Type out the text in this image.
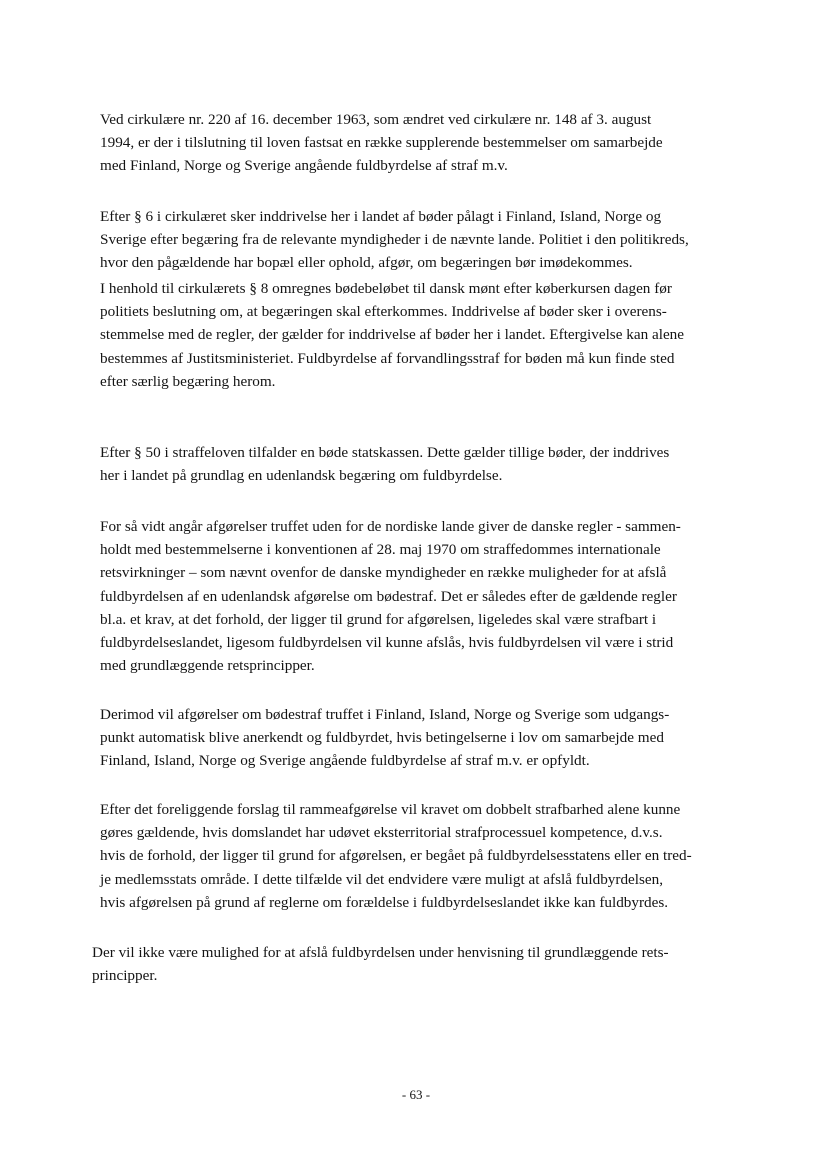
Ved cirkulære nr. 220 af 16. december 1963, som ændret ved cirkulære nr. 148 af 3. august
1994, er der i tilslutning til loven fastsat en række supplerende bestemmelser om samarbejde
med Finland, Norge og Sverige angående fuldbyrdelse af straf m.v.

Efter § 6 i cirkulæret sker inddrivelse her i landet af bøder pålagt i Finland, Island, Norge og
Sverige efter begæring fra de relevante myndigheder i de nævnte lande. Politiet i den politikreds,
hvor den pågældende har bopæl eller ophold, afgør, om begæringen bør imødekommes.

I henhold til cirkulærets § 8 omregnes bødebeløbet til dansk mønt efter køberkursen dagen før
politiets beslutning om, at begæringen skal efterkommes. Inddrivelse af bøder sker i overens-
stemmelse med de regler, der gælder for inddrivelse af bøder her i landet. Eftergivelse kan alene
bestemmes af Justitsministeriet. Fuldbyrdelse af forvandlingsstraf for bøden må kun finde sted
efter særlig begæring herom.

Efter § 50 i straffeloven tilfalder en bøde statskassen. Dette gælder tillige bøder, der inddrives
her i landet på grundlag en udenlandsk begæring om fuldbyrdelse.

For så vidt angår afgørelser truffet uden for de nordiske lande giver de danske regler - sammen-
holdt med bestemmelserne i konventionen af 28. maj 1970 om straffedommes internationale
retsvirkninger – som nævnt ovenfor de danske myndigheder en række muligheder for at afslå
fuldbyrdelsen af en udenlandsk afgørelse om bødestraf. Det er således efter de gældende regler
bl.a. et krav, at det forhold, der ligger til grund for afgørelsen, ligeledes skal være strafbart i
fuldbyrdelseslandet, ligesom fuldbyrdelsen vil kunne afslås, hvis fuldbyrdelsen vil være i strid
med grundlæggende retsprincipper.

Derimod vil afgørelser om bødestraf truffet i Finland, Island, Norge og Sverige som udgangs-
punkt automatisk blive anerkendt og fuldbyrdet, hvis betingelserne i lov om samarbejde med
Finland, Island, Norge og Sverige angående fuldbyrdelse af straf m.v. er opfyldt.

Efter det foreliggende forslag til rammeafgørelse vil kravet om dobbelt strafbarhed alene kunne
gøres gældende, hvis domslandet har udøvet eksterritorial strafprocessuel kompetence, d.v.s.
hvis de forhold, der ligger til grund for afgørelsen, er begået på fuldbyrdelsesstatens eller en tred-
je medlemsstats område. I dette tilfælde vil det endvidere være muligt at afslå fuldbyrdelsen,
hvis afgørelsen på grund af reglerne om forældelse i fuldbyrdelseslandet ikke kan fuldbyrdes.

Der vil ikke være mulighed for at afslå fuldbyrdelsen under henvisning til grundlæggende rets-
principper.

- 63 -
